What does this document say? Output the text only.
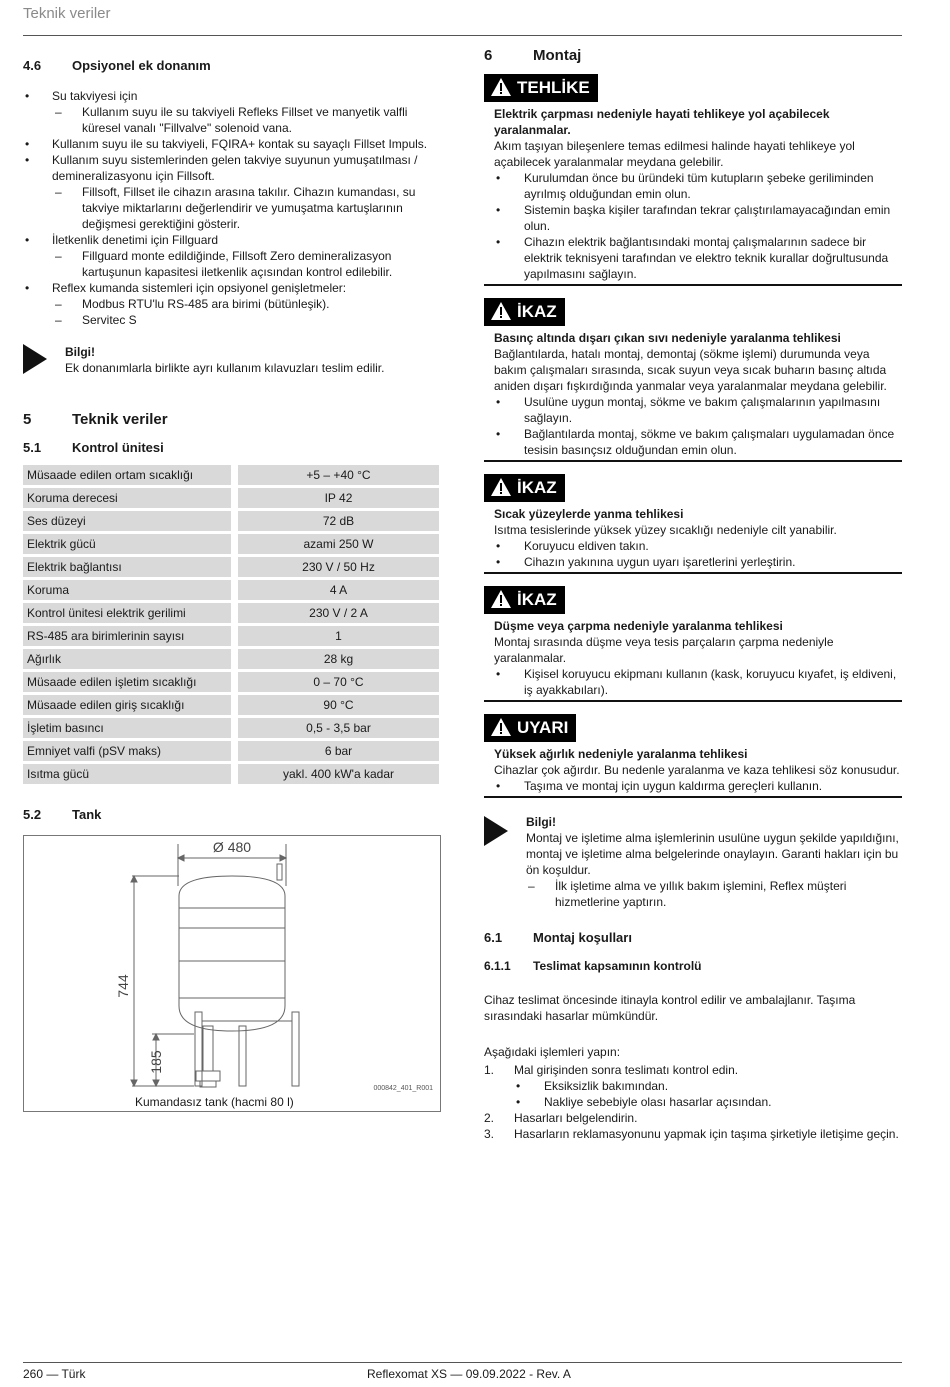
Teknik veriler
4.6 Opsiyonel ek donanım
• Su takviyesi için
– Kullanım suyu ile su takviyeli Refleks Fillset ve manyetik valfli küresel vanalı "Fillvalve" solenoid vana.
• Kullanım suyu ile su takviyeli, FQIRA+ kontak su sayaçlı Fillset Impuls.
• Kullanım suyu sistemlerinden gelen takviye suyunun yumuşatılması / demineralizasyonu için Fillsoft.
– Fillsoft, Fillset ile cihazın arasına takılır. Cihazın kumandası, su takviye miktarlarını değerlendirir ve yumuşatma kartuşlarının değişmesi gerektiğini gösterir.
• İletkenlik denetimi için Fillguard
– Fillguard monte edildiğinde, Fillsoft Zero demineralizasyon kartuşunun kapasitesi iletkenlik açısından kontrol edilebilir.
• Reflex kumanda sistemleri için opsiyonel genişletmeler:
– Modbus RTU'lu RS-485 ara birimi (bütünleşik).
– Servitec S
Bilgi!
Ek donanımlarla birlikte ayrı kullanım kılavuzları teslim edilir.
5	Teknik veriler
5.1 Kontrol ünitesi
Müsaade edilen ortam sıcaklığı	+5 – +40 °C
Koruma derecesi	IP 42
Ses düzeyi	72 dB
Elektrik gücü	azami 250 W
Elektrik bağlantısı	230 V / 50 Hz
Koruma	4 A
Kontrol ünitesi elektrik gerilimi	230 V / 2 A
RS-485 ara birimlerinin sayısı	1
Ağırlık	28 kg
Müsaade edilen işletim sıcaklığı	0 – 70 °C
Müsaade edilen giriş sıcaklığı	90 °C
İşletim basıncı	0,5 - 3,5 bar
Emniyet valfi (pSV maks)	6 bar
Isıtma gücü	yakl. 400 kW'a kadar
5.2 Tank
Ø 480
744
185
000842_401_R001
Kumandasız tank (hacmi 80 l)
6	Montaj
TEHLİKE
Elektrik çarpması nedeniyle hayati tehlikeye yol açabilecek yaralanmalar.
Akım taşıyan bileşenlere temas edilmesi halinde hayati tehlikeye yol açabilecek yaralanmalar meydana gelebilir.
• Kurulumdan önce bu üründeki tüm kutupların şebeke geriliminden ayrılmış olduğundan emin olun.
• Sistemin başka kişiler tarafından tekrar çalıştırılamayacağından emin olun.
• Cihazın elektrik bağlantısındaki montaj çalışmalarının sadece bir elektrik teknisyeni tarafından ve elektro teknik kurallar doğrultusunda yapılmasını sağlayın.
İKAZ
Basınç altında dışarı çıkan sıvı nedeniyle yaralanma tehlikesi
Bağlantılarda, hatalı montaj, demontaj (sökme işlemi) durumunda veya bakım çalışmaları sırasında, sıcak suyun veya sıcak buharın basınç altıda aniden dışarı fışkırdığında yanmalar veya yaralanmalar meydana gelebilir.
• Usulüne uygun montaj, sökme ve bakım çalışmalarının yapılmasını sağlayın.
• Bağlantılarda montaj, sökme ve bakım çalışmaları uygulamadan önce tesisin basınçsız olduğundan emin olun.
İKAZ
Sıcak yüzeylerde yanma tehlikesi
Isıtma tesislerinde yüksek yüzey sıcaklığı nedeniyle cilt yanabilir.
• Koruyucu eldiven takın.
• Cihazın yakınına uygun uyarı işaretlerini yerleştirin.
İKAZ
Düşme veya çarpma nedeniyle yaralanma tehlikesi
Montaj sırasında düşme veya tesis parçaların çarpma nedeniyle yaralanmalar.
• Kişisel koruyucu ekipmanı kullanın (kask, koruyucu kıyafet, iş eldiveni, iş ayakkabıları).
UYARI
Yüksek ağırlık nedeniyle yaralanma tehlikesi
Cihazlar çok ağırdır. Bu nedenle yaralanma ve kaza tehlikesi söz konusudur.
• Taşıma ve montaj için uygun kaldırma gereçleri kullanın.
Bilgi!
Montaj ve işletime alma işlemlerinin usulüne uygun şekilde yapıldığını, montaj ve işletime alma belgelerinde onaylayın. Garanti hakları için bu ön koşuldur.
– İlk işletime alma ve yıllık bakım işlemini, Reflex müşteri hizmetlerine yaptırın.
6.1 Montaj koşulları
6.1.1 Teslimat kapsamının kontrolü

Cihaz teslimat öncesinde itinayla kontrol edilir ve ambalajlanır. Taşıma sırasındaki hasarlar mümkündür.

Aşağıdaki işlemleri yapın:

1. Mal girişinden sonra teslimatı kontrol edin.
• Eksiksizlik bakımından.
• Nakliye sebebiyle olası hasarlar açısından.
2. Hasarları belgelendirin.
3. Hasarların reklamasyonunu yapmak için taşıma şirketiyle iletişime geçin.
260 — Türk	Reflexomat XS — 09.09.2022 - Rev. A
